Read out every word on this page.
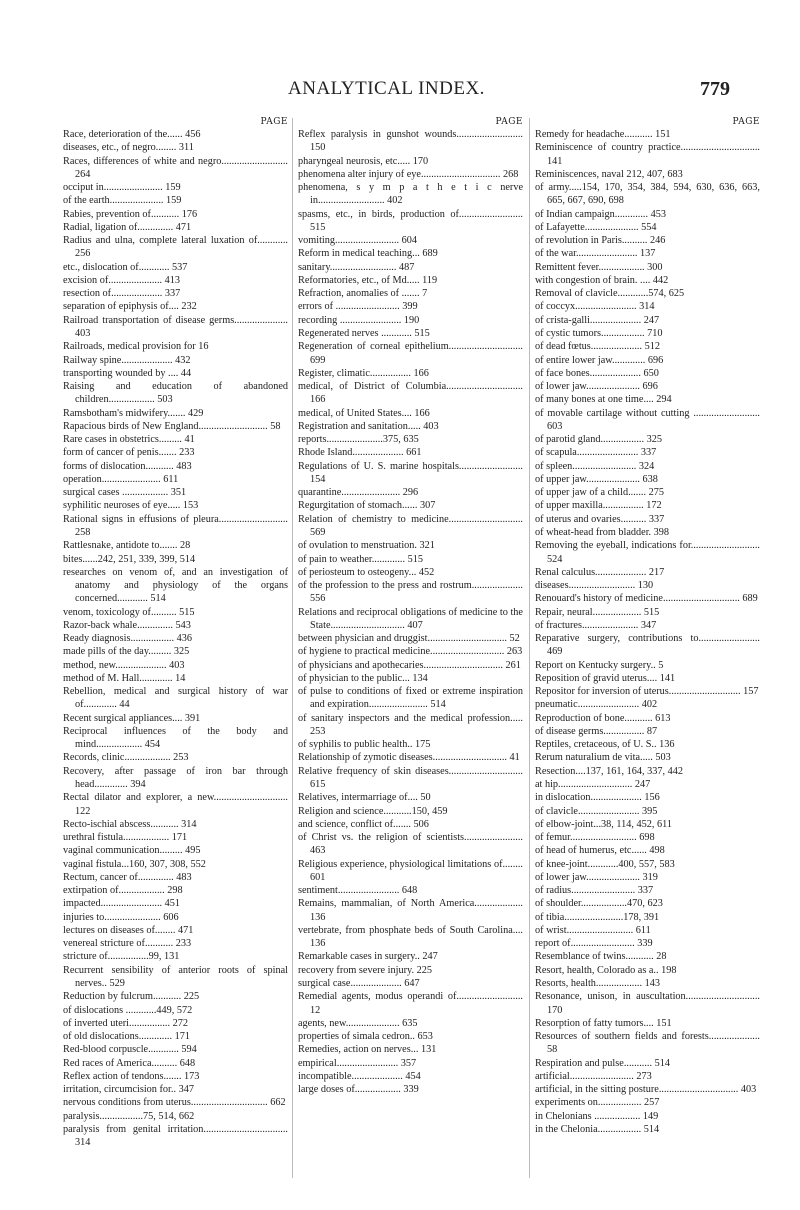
ANALYTICAL INDEX.	779
PAGE
Race, deterioration of the...... 456
diseases, etc., of negro........ 311
Races, differences of white and negro.......................... 264
occiput in....................... 159
of the earth..................... 159
Rabies, prevention of........... 176
Radial, ligation of.............. 471
Radius and ulna, complete lateral luxation of............ 256
etc., dislocation of............ 537
excision of..................... 413
resection of.................... 337
separation of epiphysis of.... 232
Railroad transportation of disease germs..................... 403
Railroads, medical provision for 16
Railway spine.................... 432
transporting wounded by .... 44
Raising and education of abandoned children.................. 503
Ramsbotham's midwifery....... 429
Rapacious birds of New England........................... 58
Rare cases in obstetrics......... 41
form of cancer of penis....... 233
forms of dislocation........... 483
operation....................... 611
surgical cases .................. 351
syphilitic neuroses of eye..... 153
Rational signs in effusions of pleura........................... 258
Rattlesnake, antidote to....... 28
bites......242, 251, 339, 399, 514
researches on venom of, and an investigation of anatomy and physiology of the organs concerned............ 514
venom, toxicology of.......... 515
Razor-back whale.............. 543
Ready diagnosis................. 436
made pills of the day......... 325
method, new.................... 403
method of M. Hall............. 14
Rebellion, medical and surgical history of war of............. 44
Recent surgical appliances.... 391
Reciprocal influences of the body and mind.................. 454
Records, clinic.................. 253
Recovery, after passage of iron bar through head............. 394
Rectal dilator and explorer, a new............................. 122
Recto-ischial abscess........... 314
urethral fistula.................. 171
vaginal communication......... 495
vaginal fistula...160, 307, 308, 552
Rectum, cancer of.............. 483
extirpation of.................. 298
impacted........................ 451
injuries to...................... 606
lectures on diseases of........ 471
venereal stricture of........... 233
stricture of................99, 131
Recurrent sensibility of anterior roots of spinal nerves.. 529
Reduction by fulcrum........... 225
of dislocations ............449, 572
of inverted uteri................ 272
of old dislocations............. 171
Red-blood corpuscle............ 594
Red races of America.......... 648
Reflex action of tendons....... 173
irritation, circumcision for.. 347
nervous conditions from uterus.............................. 662
paralysis.................75, 514, 662
paralysis from genital irritation................................. 314
PAGE
Reflex paralysis in gunshot wounds.......................... 150
pharyngeal neurosis, etc..... 170
phenomena alter injury of eye............................... 268
phenomena, s y m p a t h e t i c nerve in.......................... 402
spasms, etc., in birds, production of......................... 515
vomiting......................... 604
Reform in medical teaching... 689
sanitary.......................... 487
Reformatories, etc., of Md..... 119
Refraction, anomalies of ....... 7
errors of ......................... 399
recording ........................ 190
Regenerated nerves ............ 515
Regeneration of corneal epithelium............................. 699
Register, climatic................ 166
medical, of District of Columbia.............................. 166
medical, of United States.... 166
Registration and sanitation..... 403
reports......................375, 635
Rhode Island.................... 661
Regulations of U. S. marine hospitals......................... 154
quarantine....................... 296
Regurgitation of stomach...... 307
Relation of chemistry to medicine............................. 569
of ovulation to menstruation. 321
of pain to weather............. 515
of periosteum to osteogeny... 452
of the profession to the press and rostrum.................... 556
Relations and reciprocal obligations of medicine to the State............................. 407
between physician and druggist............................... 52
of hygiene to practical medicine............................. 263
of physicians and apothecaries............................... 261
of physician to the public... 134
of pulse to conditions of fixed or extreme inspiration and expiration....................... 514
of sanitary inspectors and the medical profession..... 253
of syphilis to public health.. 175
Relationship of zymotic diseases............................. 41
Relative frequency of skin diseases............................. 615
Relatives, intermarriage of.... 50
Religion and science...........150, 459
and science, conflict of....... 506
of Christ vs. the religion of scientists....................... 463
Religious experience, physiological limitations of........ 601
sentiment........................ 648
Remains, mammalian, of North America................... 136
vertebrate, from phosphate beds of South Carolina.... 136
Remarkable cases in surgery.. 247
recovery from severe injury. 225
surgical case.................... 647
Remedial agents, modus operandi of.......................... 12
agents, new..................... 635
properties of simala cedron.. 653
Remedies, action on nerves... 131
empirical........................ 357
incompatible.................... 454
large doses of.................. 339
PAGE
Remedy for headache........... 151
Reminiscence of country practice............................... 141
Reminiscences, naval 212, 407, 683
of army.....154, 170, 354, 384, 594, 630, 636, 663, 665, 667, 690, 698
of Indian campaign............. 453
of Lafayette..................... 554
of revolution in Paris.......... 246
of the war........................ 137
Remittent fever.................. 300
with congestion of brain. .... 442
Removal of clavicle............574, 625
of coccyx........................ 314
of crista-galli.................... 247
of cystic tumors................. 710
of dead fœtus.................... 512
of entire lower jaw............. 696
of face bones.................... 650
of lower jaw..................... 696
of many bones at one time.... 294
of movable cartilage without cutting .......................... 603
of parotid gland................. 325
of scapula........................ 337
of spleen......................... 324
of upper jaw..................... 638
of upper jaw of a child....... 275
of upper maxilla................ 172
of uterus and ovaries.......... 337
of wheat-head from bladder. 398
Removing the eyeball, indications for........................... 524
Renal calculus.................... 217
diseases.......................... 130
Renouard's history of medicine.............................. 689
Repair, neural................... 515
of fractures...................... 347
Reparative surgery, contributions to........................ 469
Report on Kentucky surgery.. 5
Reposition of gravid uterus.... 141
Repositor for inversion of uterus............................ 157
pneumatic........................ 402
Reproduction of bone........... 613
of disease germs................ 87
Reptiles, cretaceous, of U. S.. 136
Rerum naturalium de vita..... 503
Resection....137, 161, 164, 337, 442
at hip............................. 247
in dislocation.................... 156
of clavicle........................ 395
of elbow-joint...38, 114, 452, 611
of femur.......................... 698
of head of humerus, etc...... 498
of knee-joint............400, 557, 583
of lower jaw..................... 319
of radius......................... 337
of shoulder..................470, 623
of tibia.......................178, 391
of wrist.......................... 611
report of......................... 339
Resemblance of twins........... 28
Resort, health, Colorado as a.. 198
Resorts, health.................. 143
Resonance, unison, in auscultation............................. 170
Resorption of fatty tumors.... 151
Resources of southern fields and forests.................... 58
Respiration and pulse........... 514
artificial......................... 273
artificial, in the sitting posture............................... 403
experiments on................. 257
in Chelonians .................. 149
in the Chelonia................. 514
